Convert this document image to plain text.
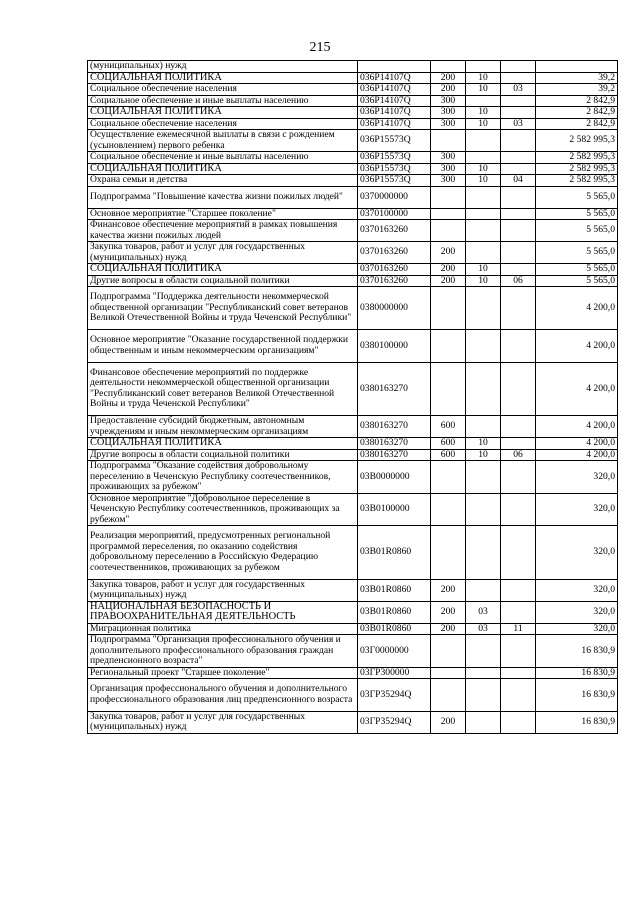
215
(муниципальных) нужд					
СОЦИАЛЬНАЯ ПОЛИТИКА	036P14107Q	200	10		39,2
Социальное обеспечение населения	036P14107Q	200	10	03	39,2
Социальное обеспечение и иные выплаты населению	036P14107Q	300			2 842,9
СОЦИАЛЬНАЯ ПОЛИТИКА	036P14107Q	300	10		2 842,9
Социальное обеспечение населения	036P14107Q	300	10	03	2 842,9
Осуществление ежемесячной выплаты в связи с рождением (усыновлением) первого ребенка	036P15573Q				2 582 995,3
Социальное обеспечение и иные выплаты населению	036P15573Q	300			2 582 995,3
СОЦИАЛЬНАЯ ПОЛИТИКА	036P15573Q	300	10		2 582 995,3
Охрана семьи и детства	036P15573Q	300	10	04	2 582 995,3
Подпрограмма "Повышение качества жизни пожилых людей"	0370000000				5 565,0
Основное мероприятие "Старшее поколение"	0370100000				5 565,0
Финансовое обеспечение мероприятий в рамках повышения качества жизни пожилых людей	0370163260				5 565,0
Закупка товаров, работ и услуг для государственных (муниципальных) нужд	0370163260	200			5 565,0
СОЦИАЛЬНАЯ ПОЛИТИКА	0370163260	200	10		5 565,0
Другие вопросы в области социальной политики	0370163260	200	10	06	5 565,0
Подпрограмма "Поддержка деятельности некоммерческой общественной организации "Республиканский совет ветеранов Великой Отечественной Войны и труда Чеченской Республики"	0380000000				4 200,0
Основное мероприятие "Оказание государственной поддержки общественным и иным некоммерческим организациям"	0380100000				4 200,0
Финансовое обеспечение мероприятий по поддержке деятельности некоммерческой общественной организации "Республиканский совет ветеранов Великой Отечественной Войны и труда Чеченской Республики"	0380163270				4 200,0
Предоставление субсидий бюджетным, автономным учреждениям и иным некоммерческим организациям	0380163270	600			4 200,0
СОЦИАЛЬНАЯ ПОЛИТИКА	0380163270	600	10		4 200,0
Другие вопросы в области социальной политики	0380163270	600	10	06	4 200,0
Подпрограмма "Оказание содействия добровольному переселению в Чеченскую Республику соотечественников, проживающих за рубежом"	03B0000000				320,0
Основное мероприятие "Добровольное переселение в Чеченскую Республику соотечественников, проживающих за рубежом"	03B0100000				320,0
Реализация мероприятий, предусмотренных региональной программой переселения, по оказанию содействия добровольному переселению в Российскую Федерацию соотечественников, проживающих за рубежом	03B01R0860				320,0
Закупка товаров, работ и услуг для государственных (муниципальных) нужд	03B01R0860	200			320,0
НАЦИОНАЛЬНАЯ БЕЗОПАСНОСТЬ И ПРАВООХРАНИТЕЛЬНАЯ ДЕЯТЕЛЬНОСТЬ	03B01R0860	200	03		320,0
Миграционная политика	03B01R0860	200	03	11	320,0
Подпрограмма "Организация профессионального обучения и дополнительного профессионального образования граждан предпенсионного возраста"	03Г0000000				16 830,9
Региональный проект "Старшее поколение"	03ГP300000				16 830,9
Организация профессионального обучения и дополнительного профессионального образования лиц предпенсионного возраста	03ГP35294Q				16 830,9
Закупка товаров, работ и услуг для государственных (муниципальных) нужд	03ГP35294Q	200			16 830,9
